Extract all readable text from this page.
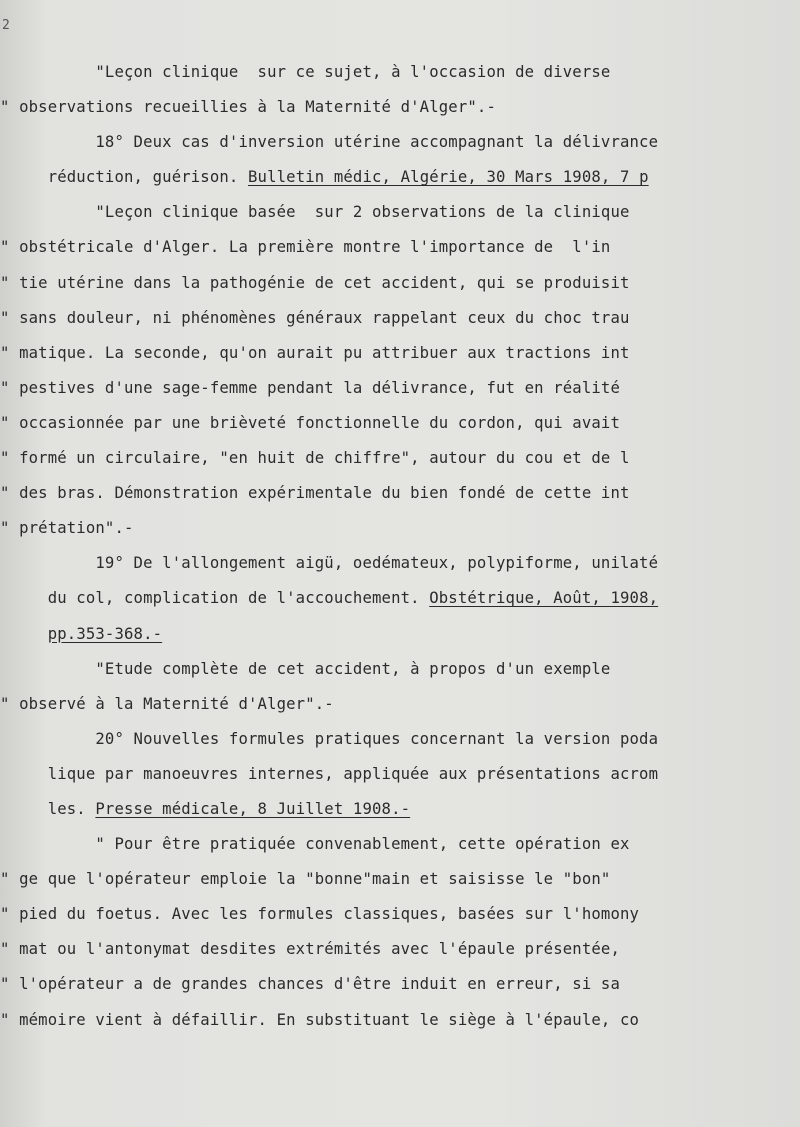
2
"Leçon clinique  sur ce sujet, à l'occasion de diverse
" observations recueillies à la Maternité d'Alger".-
18° Deux cas d'inversion utérine accompagnant la délivrance
réduction, guérison. Bulletin médic, Algérie, 30 Mars 1908, 7 p
"Leçon clinique basée  sur 2 observations de la clinique
" obstétricale d'Alger. La première montre l'importance de  l'in
" tie utérine dans la pathogénie de cet accident, qui se produisit
" sans douleur, ni phénomènes généraux rappelant ceux du choc trau
" matique. La seconde, qu'on aurait pu attribuer aux tractions int
" pestives d'une sage-femme pendant la délivrance, fut en réalité
" occasionnée par une brièveté fonctionnelle du cordon, qui avait
" formé un circulaire, "en huit de chiffre", autour du cou et de l
" des bras. Démonstration expérimentale du bien fondé de cette int
" prétation".-
19° De l'allongement aigü, oedémateux, polypiforme, unilaté
du col, complication de l'accouchement. Obstétrique, Août, 1908,

pp.353-368.-
"Etude complète de cet accident, à propos d'un exemple
" observé à la Maternité d'Alger".-
20° Nouvelles formules pratiques concernant la version poda
lique par manoeuvres internes, appliquée aux présentations acrom
les. Presse médicale, 8 Juillet 1908.-
" Pour être pratiquée convenablement, cette opération ex
" ge que l'opérateur emploie la "bonne"main et saisisse le "bon"
" pied du foetus. Avec les formules classiques, basées sur l'homony
" mat ou l'antonymat desdites extrémités avec l'épaule présentée,
" l'opérateur a de grandes chances d'être induit en erreur, si sa
" mémoire vient à défaillir. En substituant le siège à l'épaule, co
